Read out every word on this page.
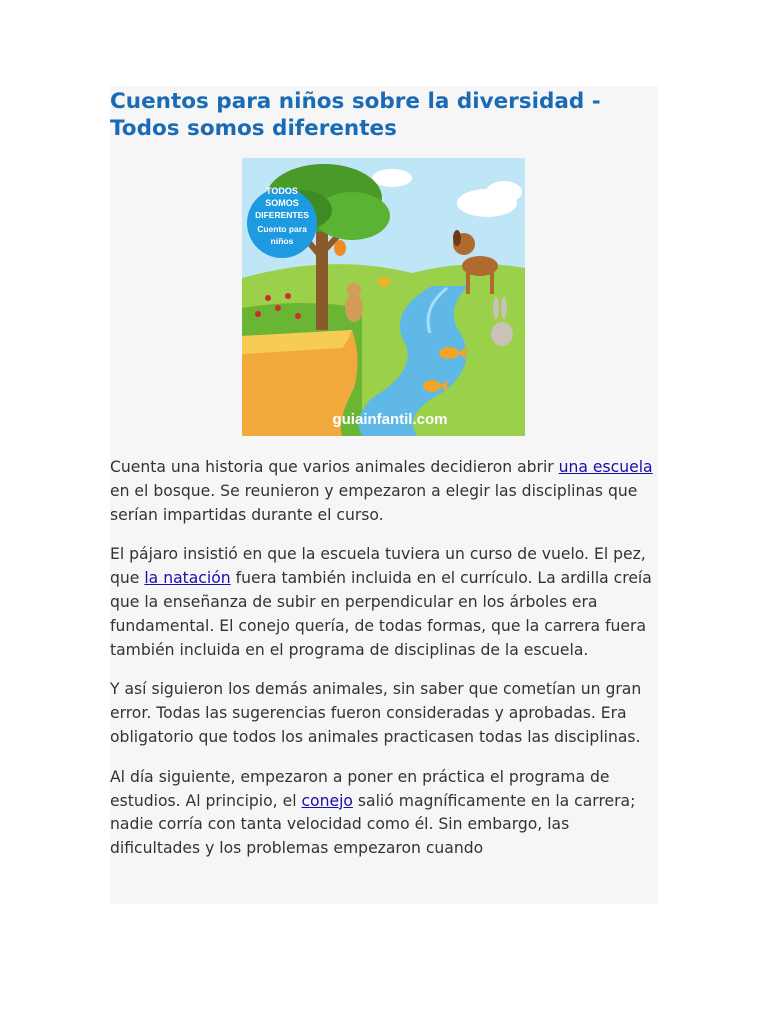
Cuentos para niños sobre la diversidad - Todos somos diferentes
TODOS
SOMOS
DIFERENTES
Cuento para
niños
guiainfantil.com

Cuenta una historia que varios animales decidieron abrir una escuela en el bosque. Se reunieron y empezaron a elegir las disciplinas que serían impartidas durante el curso.

El pájaro insistió en que la escuela tuviera un curso de vuelo. El pez, que la natación fuera también incluida en el currículo. La ardilla creía que la enseñanza de subir en perpendicular en los árboles era fundamental. El conejo quería, de todas formas, que la carrera fuera también incluida en el programa de disciplinas de la escuela.

Y así siguieron los demás animales, sin saber que cometían un gran error. Todas las sugerencias fueron consideradas y aprobadas. Era obligatorio que todos los animales practicasen todas las disciplinas.

Al día siguiente, empezaron a poner en práctica el programa de estudios. Al principio, el conejo salió magníficamente en la carrera; nadie corría con tanta velocidad como él. Sin embargo, las dificultades y los problemas empezaron cuando
